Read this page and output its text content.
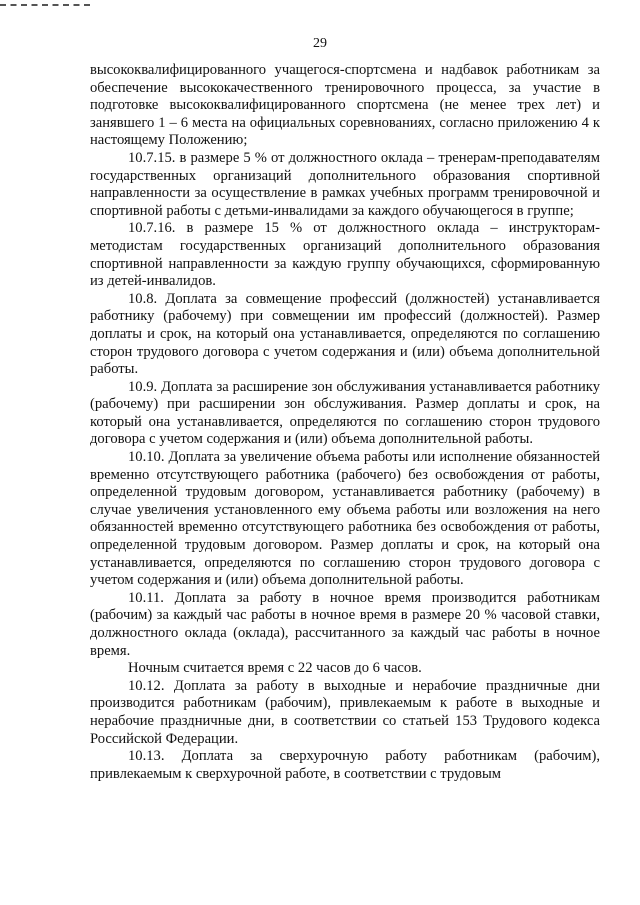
29

высококвалифицированного учащегося-спортсмена и надбавок работникам за обеспечение высококачественного тренировочного процесса, за участие в подготовке высококвалифицированного спортсмена (не менее трех лет) и занявшего 1 – 6 места на официальных соревнованиях, согласно приложению 4 к настоящему Положению;

10.7.15. в размере 5 % от должностного оклада – тренерам-преподавателям государственных организаций дополнительного образования спортивной направленности за осуществление в рамках учебных программ тренировочной и спортивной работы с детьми-инвалидами за каждого обучающегося в группе;

10.7.16. в размере 15 % от должностного оклада – инструкторам-методистам государственных организаций дополнительного образования спортивной направленности за каждую группу обучающихся, сформированную из детей-инвалидов.

10.8. Доплата за совмещение профессий (должностей) устанавливается работнику (рабочему) при совмещении им профессий (должностей). Размер доплаты и срок, на который она устанавливается, определяются по соглашению сторон трудового договора с учетом содержания и (или) объема дополнительной работы.

10.9. Доплата за расширение зон обслуживания устанавливается работнику (рабочему) при расширении зон обслуживания. Размер доплаты и срок, на который она устанавливается, определяются по соглашению сторон трудового договора с учетом содержания и (или) объема дополнительной работы.

10.10. Доплата за увеличение объема работы или исполнение обязанностей временно отсутствующего работника (рабочего) без освобождения от работы, определенной трудовым договором, устанавливается работнику (рабочему) в случае увеличения установленного ему объема работы или возложения на него обязанностей временно отсутствующего работника без освобождения от работы, определенной трудовым договором. Размер доплаты и срок, на который она устанавливается, определяются по соглашению сторон трудового договора с учетом содержания и (или) объема дополнительной работы.

10.11. Доплата за работу в ночное время производится работникам (рабочим) за каждый час работы в ночное время в размере 20 % часовой ставки, должностного оклада (оклада), рассчитанного за каждый час работы в ночное время.

Ночным считается время с 22 часов до 6 часов.

10.12. Доплата за работу в выходные и нерабочие праздничные дни производится работникам (рабочим), привлекаемым к работе в выходные и нерабочие праздничные дни, в соответствии со статьей 153 Трудового кодекса Российской Федерации.

10.13. Доплата за сверхурочную работу работникам (рабочим), привлекаемым к сверхурочной работе, в соответствии с трудовым
